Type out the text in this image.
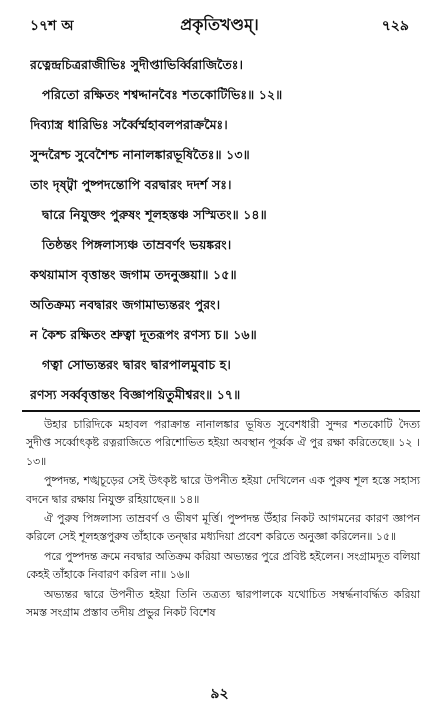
১৭শ অ	প্রকৃতিখণ্ডম্।	৭২৯
রত্নেন্দ্রচিত্ররাজীভিঃ সুদীপ্তাভির্ব্বিরাজিতৈঃ।
পরিতো রক্ষিতং শশ্বদ্দানবৈঃ শতকোটিভিঃ॥ ১২॥
দিব্যাস্ত্র ধারিভিঃ সর্ব্বৈর্ম্মহাবলপরাক্রমৈঃ।
সুন্দরৈশ্চ সুবেশৈশ্চ নানালঙ্কারভূষিতৈঃ॥ ১৩॥
তাং দৃষ্ট্বা পুষ্পদন্তোপি বরদ্বারং দদর্শ সঃ।
দ্বারে নিযুক্তং পুরুষং শূলহস্তঞ্চ সস্মিতং॥ ১৪॥
তিষ্ঠন্তং পিঙ্গলাস্যঞ্চ তাম্রবর্ণং ভয়ঙ্করং।
কথয়ামাস বৃত্তান্তং জগাম তদনুজ্ঞয়া॥ ১৫॥
অতিক্রম্য নবদ্বারং জগামাভ্যন্তরং পুরং।
ন কৈশ্চ রক্ষিতং শ্রুত্বা দূতরূপং রণস্য চ॥ ১৬॥
গত্বা সোভ্যন্তরং দ্বারং দ্বারপালমুবাচ হ।
রণস্য সর্ব্ববৃত্তান্তং বিজ্ঞাপয়িতুমীশ্বরং॥ ১৭॥

উহার চারিদিকে মহাবল পরাক্রান্ত নানালঙ্কার ভূষিত সুবেশধারী সুন্দর শতকোটি দৈত্য সুদীপ্ত সর্ব্বোৎকৃষ্ট রত্নরাজিতে পরিশোভিত হইয়া অবস্থান পূর্ব্বক ঐ পুর রক্ষা করিতেছে॥ ১২ । ১৩॥

পুষ্পদন্ত, শঙ্খচূড়ের সেই উৎকৃষ্ট দ্বারে উপনীত হইয়া দেখিলেন এক পুরুষ শূল হস্তে সহাস্য বদনে দ্বার রক্ষায় নিযুক্ত রহিয়াছেন॥ ১৪॥

ঐ পুরুষ পিঙ্গলাস্য তাম্রবর্ণ ও ভীষণ মূর্ত্তি। পুষ্পদন্ত উঁহার নিকট আগমনের কারণ জ্ঞাপন করিলে সেই শূলহস্তপুরুষ তাঁহাকে তন্দ্বার মধ্যদিয়া প্রবেশ করিতে অনুজ্ঞা করিলেন॥ ১৫॥

পরে পুষ্পদন্ত ক্রমে নবদ্বার অতিক্রম করিয়া অভ্যন্তর পুরে প্রবিষ্ট হইলেন। সংগ্রামদূত বলিয়া কেহই তাঁহাকে নিবারণ করিল না॥ ১৬॥

অভ্যন্তর দ্বারে উপনীত হইয়া তিনি তত্রত্য দ্বারপালকে যথোচিত সম্বর্দ্ধনাবর্দ্ধিত করিয়া সমস্ত সংগ্রাম প্রস্তাব তদীয় প্রভুর নিকট বিশেষ

৯২
